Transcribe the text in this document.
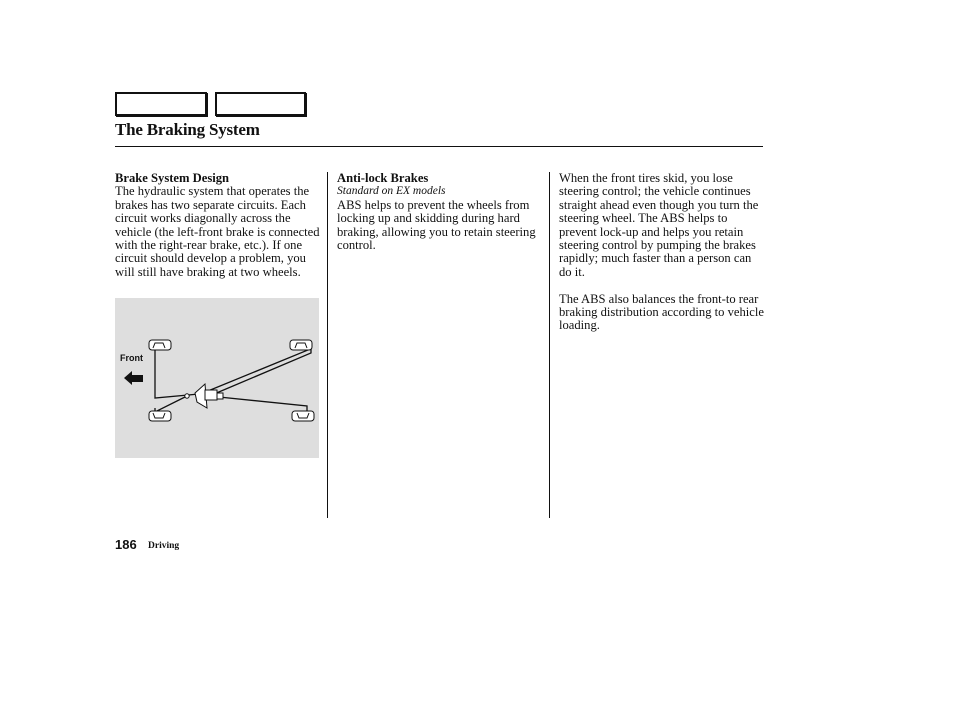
The Braking System
Brake System Design
The hydraulic system that operates the brakes has two separate circuits. Each circuit works diagonally across the vehicle (the left-front brake is connected with the right-rear brake, etc.). If one circuit should develop a problem, you will still have braking at two wheels.
Front
Anti-lock Brakes
Standard on EX models
ABS helps to prevent the wheels from locking up and skidding during hard braking, allowing you to retain steering control.

When the front tires skid, you lose steering control; the vehicle continues straight ahead even though you turn the steering wheel. The ABS helps to prevent lock-up and helps you retain steering control by pumping the brakes rapidly; much faster than a person can do it.

The ABS also balances the front-to rear braking distribution according to vehicle loading.

186 Driving
